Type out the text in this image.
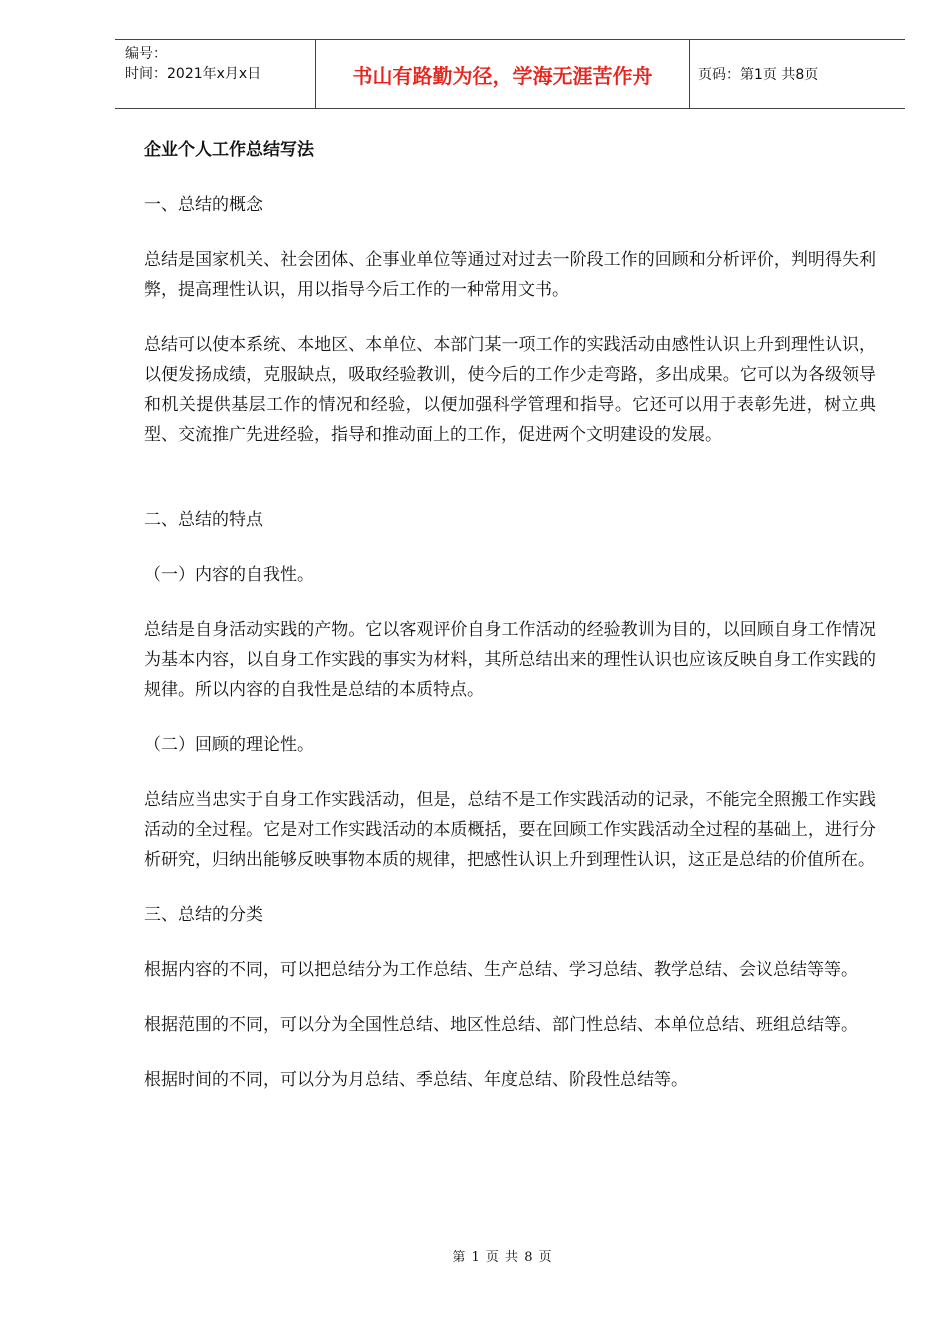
编号：
时间：2021年x月x日	书山有路勤为径，学海无涯苦作舟	页码：第1页 共8页
企业个人工作总结写法
一、总结的概念
总结是国家机关、社会团体、企事业单位等通过对过去一阶段工作的回顾和分析评价，判明得失利弊，提高理性认识，用以指导今后工作的一种常用文书。
总结可以使本系统、本地区、本单位、本部门某一项工作的实践活动由感性认识上升到理性认识，以便发扬成绩，克服缺点，吸取经验教训，使今后的工作少走弯路，多出成果。它可以为各级领导和机关提供基层工作的情况和经验，以便加强科学管理和指导。它还可以用于表彰先进，树立典型、交流推广先进经验，指导和推动面上的工作，促进两个文明建设的发展。
二、总结的特点
（一）内容的自我性。
总结是自身活动实践的产物。它以客观评价自身工作活动的经验教训为目的，以回顾自身工作情况为基本内容，以自身工作实践的事实为材料，其所总结出来的理性认识也应该反映自身工作实践的规律。所以内容的自我性是总结的本质特点。
（二）回顾的理论性。
总结应当忠实于自身工作实践活动，但是，总结不是工作实践活动的记录，不能完全照搬工作实践活动的全过程。它是对工作实践活动的本质概括，要在回顾工作实践活动全过程的基础上，进行分析研究，归纳出能够反映事物本质的规律，把感性认识上升到理性认识，这正是总结的价值所在。
三、总结的分类
根据内容的不同，可以把总结分为工作总结、生产总结、学习总结、教学总结、会议总结等等。
根据范围的不同，可以分为全国性总结、地区性总结、部门性总结、本单位总结、班组总结等。
根据时间的不同，可以分为月总结、季总结、年度总结、阶段性总结等。
第 1 页 共 8 页
